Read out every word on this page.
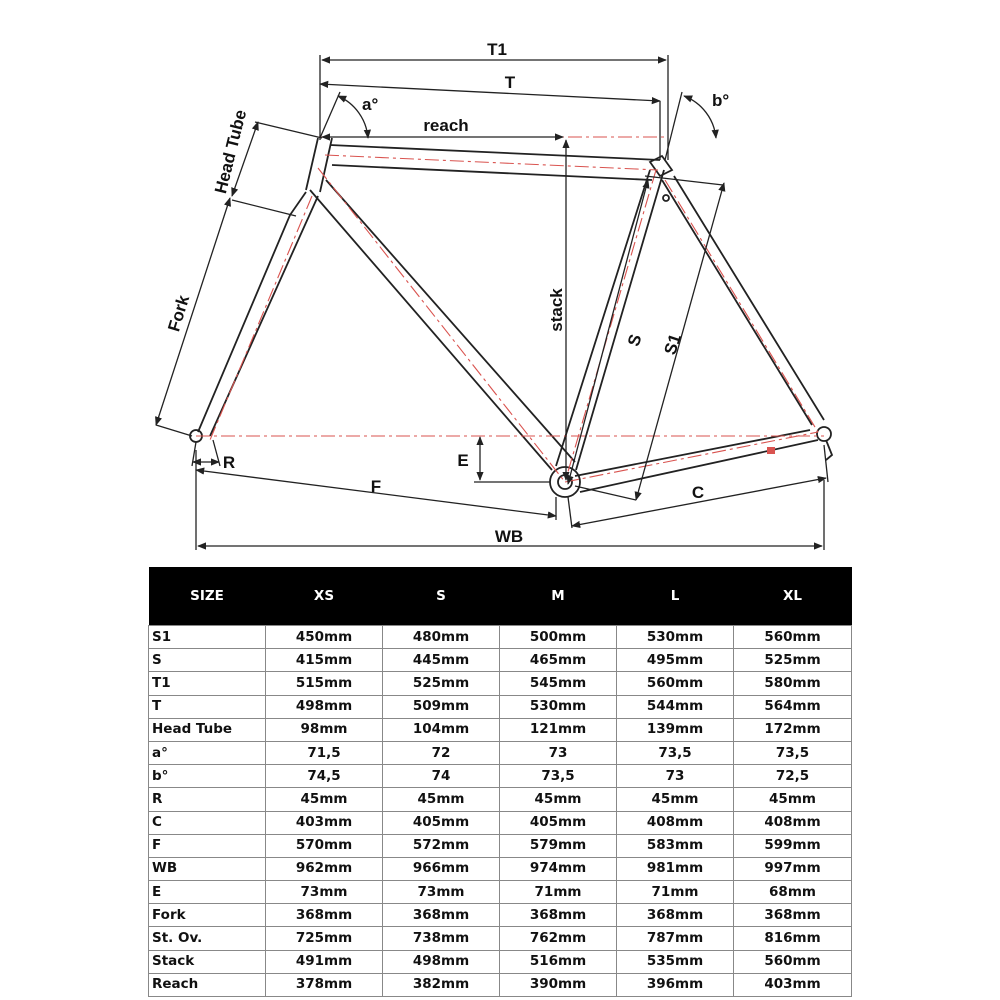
T1
T
reach
a°	b°
Head Tube
Fork	stack
S S1
R	E
F	C
WB
SIZE	XS	S	M	L	XL
S1	450mm	480mm	500mm	530mm	560mm
S	415mm	445mm	465mm	495mm	525mm
T1	515mm	525mm	545mm	560mm	580mm
T	498mm	509mm	530mm	544mm	564mm
Head Tube	98mm	104mm	121mm	139mm	172mm
a°	71,5	72	73	73,5	73,5
b°	74,5	74	73,5	73	72,5
R	45mm	45mm	45mm	45mm	45mm
C	403mm	405mm	405mm	408mm	408mm
F	570mm	572mm	579mm	583mm	599mm
WB	962mm	966mm	974mm	981mm	997mm
E	73mm	73mm	71mm	71mm	68mm
Fork	368mm	368mm	368mm	368mm	368mm
St. Ov.	725mm	738mm	762mm	787mm	816mm
Stack	491mm	498mm	516mm	535mm	560mm
Reach	378mm	382mm	390mm	396mm	403mm
